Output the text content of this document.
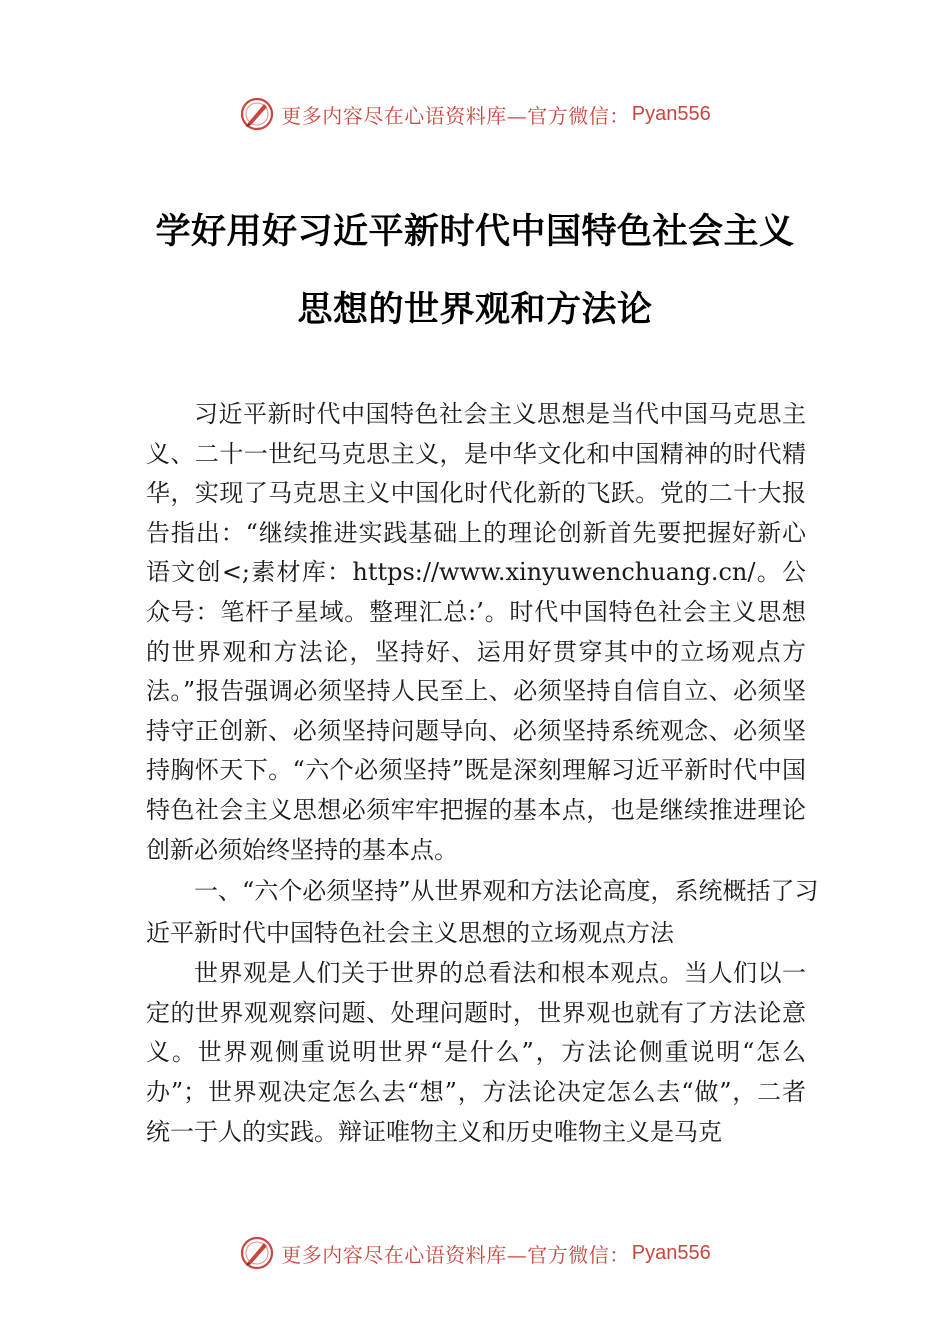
更多内容尽在心语资料库—官方微信： Pyan556
学好用好习近平新时代中国特色社会主义
思想的世界观和方法论

习近平新时代中国特色社会主义思想是当代中国马克思主义、二十一世纪马克思主义，是中华文化和中国精神的时代精华，实现了马克思主义中国化时代化新的飞跃。党的二十大报告指出：“继续推进实践基础上的理论创新首先要把握好新心语文创<;素材库：https://www.xinyuwenchuang.cn/。公众号：笔杆子星域。整理汇总:’。时代中国特色社会主义思想的世界观和方法论，坚持好、运用好贯穿其中的立场观点方法。”报告强调必须坚持人民至上、必须坚持自信自立、必须坚持守正创新、必须坚持问题导向、必须坚持系统观念、必须坚持胸怀天下。“六个必须坚持”既是深刻理解习近平新时代中国特色社会主义思想必须牢牢把握的基本点，也是继续推进理论创新必须始终坚持的基本点。

一、“六个必须坚持”从世界观和方法论高度，系统概括了习近平新时代中国特色社会主义思想的立场观点方法

世界观是人们关于世界的总看法和根本观点。当人们以一定的世界观观察问题、处理问题时，世界观也就有了方法论意义。世界观侧重说明世界“是什么”，方法论侧重说明“怎么办”；世界观决定怎么去“想”，方法论决定怎么去“做”，二者统一于人的实践。辩证唯物主义和历史唯物主义是马克

更多内容尽在心语资料库—官方微信： Pyan556
